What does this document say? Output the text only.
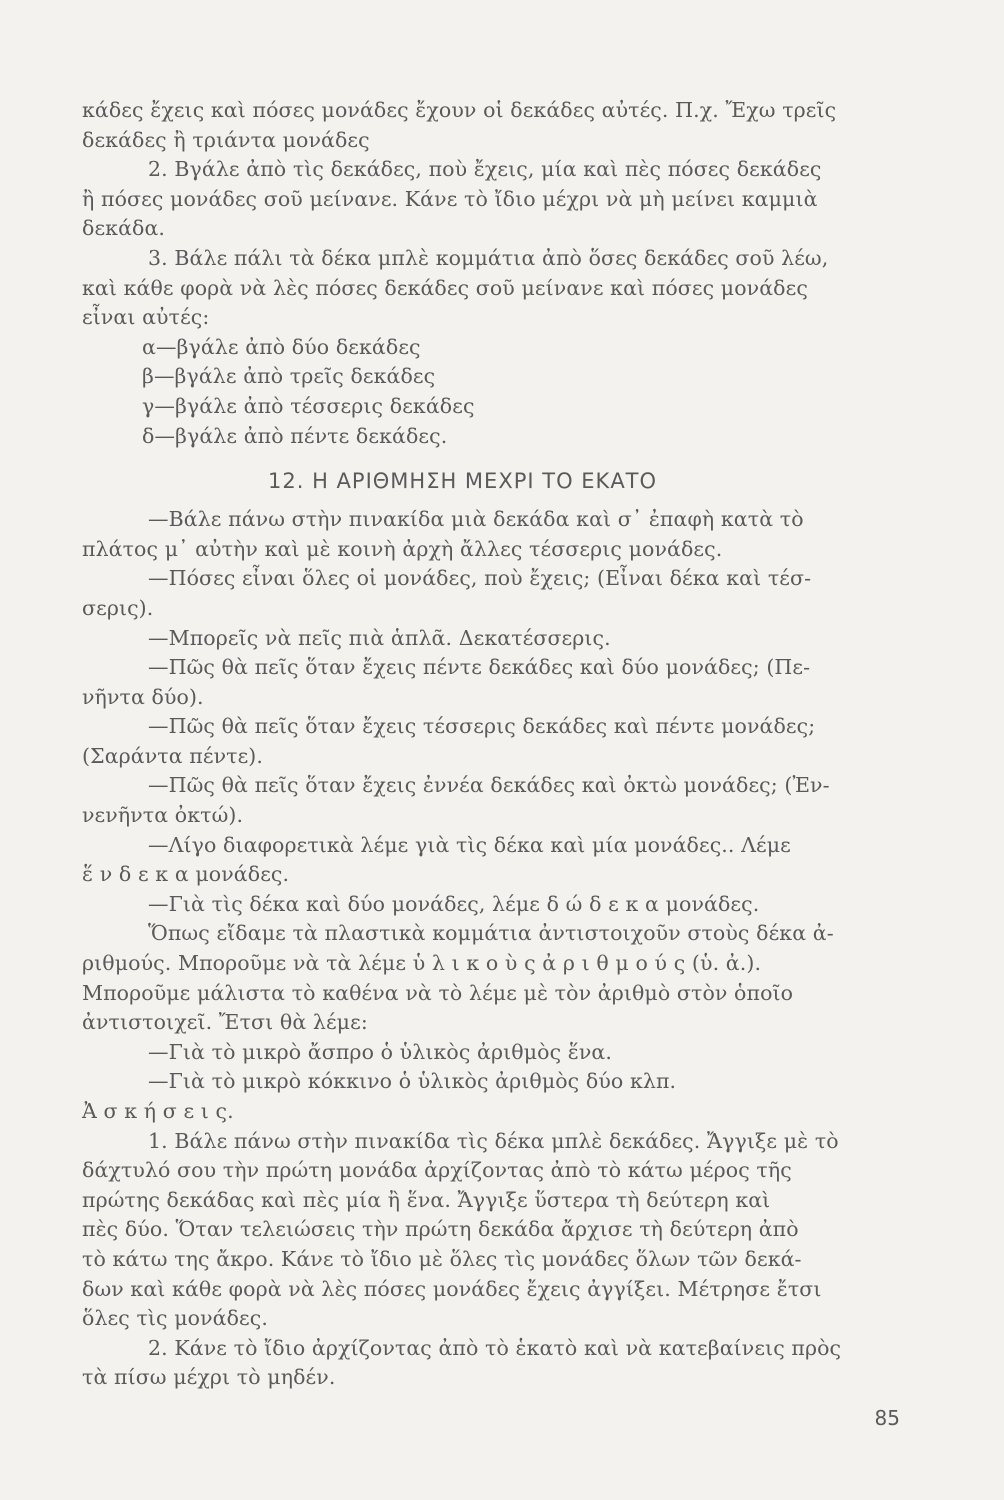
κάδες ἔχεις καὶ πόσες μονάδες ἔχουν οἱ δεκάδες αὐτές. Π.χ. Ἔχω τρεῖς
δεκάδες ἢ τριάντα μονάδες
2. Βγάλε ἀπὸ τὶς δεκάδες, ποὺ ἔχεις, μία καὶ πὲς πόσες δεκάδες
ἢ πόσες μονάδες σοῦ μείνανε. Κάνε τὸ ἴδιο μέχρι νὰ μὴ μείνει καμμιὰ
δεκάδα.
3. Βάλε πάλι τὰ δέκα μπλὲ κομμάτια ἀπὸ ὅσες δεκάδες σοῦ λέω,
καὶ κάθε φορὰ νὰ λὲς πόσες δεκάδες σοῦ μείνανε καὶ πόσες μονάδες
εἶναι αὐτές:
α—βγάλε ἀπὸ δύο δεκάδες
β—βγάλε ἀπὸ τρεῖς δεκάδες
γ—βγάλε ἀπὸ τέσσερις δεκάδες
δ—βγάλε ἀπὸ πέντε δεκάδες.
12. Η ΑΡΙΘΜΗΣΗ ΜΕΧΡΙ ΤΟ ΕΚΑΤΟ
—Βάλε πάνω στὴν πινακίδα μιὰ δεκάδα καὶ σ᾽ ἐπαφὴ κατὰ τὸ
πλάτος μ᾽ αὐτὴν καὶ μὲ κοινὴ ἀρχὴ ἄλλες τέσσερις μονάδες.
—Πόσες εἶναι ὅλες οἱ μονάδες, ποὺ ἔχεις; (Εἶναι δέκα καὶ τέσ-
σερις).
—Μπορεῖς νὰ πεῖς πιὰ ἁπλᾶ. Δεκατέσσερις.
—Πῶς θὰ πεῖς ὅταν ἔχεις πέντε δεκάδες καὶ δύο μονάδες; (Πε-
νῆντα δύο).
—Πῶς θὰ πεῖς ὅταν ἔχεις τέσσερις δεκάδες καὶ πέντε μονάδες;
(Σαράντα πέντε).
—Πῶς θὰ πεῖς ὅταν ἔχεις ἐννέα δεκάδες καὶ ὀκτὼ μονάδες; (Ἐν-
νενῆντα ὀκτώ).
—Λίγο διαφορετικὰ λέμε γιὰ τὶς δέκα καὶ μία μονάδες.. Λέμε
ἕ ν δ ε κ α μονάδες.
—Γιὰ τὶς δέκα καὶ δύο μονάδες, λέμε δ ώ δ ε κ α μονάδες.
Ὅπως εἴδαμε τὰ πλαστικὰ κομμάτια ἀντιστοιχοῦν στοὺς δέκα ἀ-
ριθμούς. Μποροῦμε νὰ τὰ λέμε ὑ λ ι κ ο ὺ ς ἀ ρ ι θ μ ο ύ ς (ὑ. ἀ.).
Μποροῦμε μάλιστα τὸ καθένα νὰ τὸ λέμε μὲ τὸν ἀριθμὸ στὸν ὁποῖο
ἀντιστοιχεῖ. Ἔτσι θὰ λέμε:
—Γιὰ τὸ μικρὸ ἄσπρο ὁ ὑλικὸς ἀριθμὸς ἕνα.
—Γιὰ τὸ μικρὸ κόκκινο ὁ ὑλικὸς ἀριθμὸς δύο κλπ.
Ἀ σ κ ή σ ε ι ς.
1. Βάλε πάνω στὴν πινακίδα τὶς δέκα μπλὲ δεκάδες. Ἄγγιξε μὲ τὸ
δάχτυλό σου τὴν πρώτη μονάδα ἀρχίζοντας ἀπὸ τὸ κάτω μέρος τῆς
πρώτης δεκάδας καὶ πὲς μία ἢ ἕνα. Ἄγγιξε ὕστερα τὴ δεύτερη καὶ
πὲς δύο. Ὅταν τελειώσεις τὴν πρώτη δεκάδα ἄρχισε τὴ δεύτερη ἀπὸ
τὸ κάτω της ἄκρο. Κάνε τὸ ἴδιο μὲ ὅλες τὶς μονάδες ὅλων τῶν δεκά-
δων καὶ κάθε φορὰ νὰ λὲς πόσες μονάδες ἔχεις ἀγγίξει. Μέτρησε ἔτσι
ὅλες τὶς μονάδες.
2. Κάνε τὸ ἴδιο ἀρχίζοντας ἀπὸ τὸ ἑκατὸ καὶ νὰ κατεβαίνεις πρὸς
τὰ πίσω μέχρι τὸ μηδέν.
85
